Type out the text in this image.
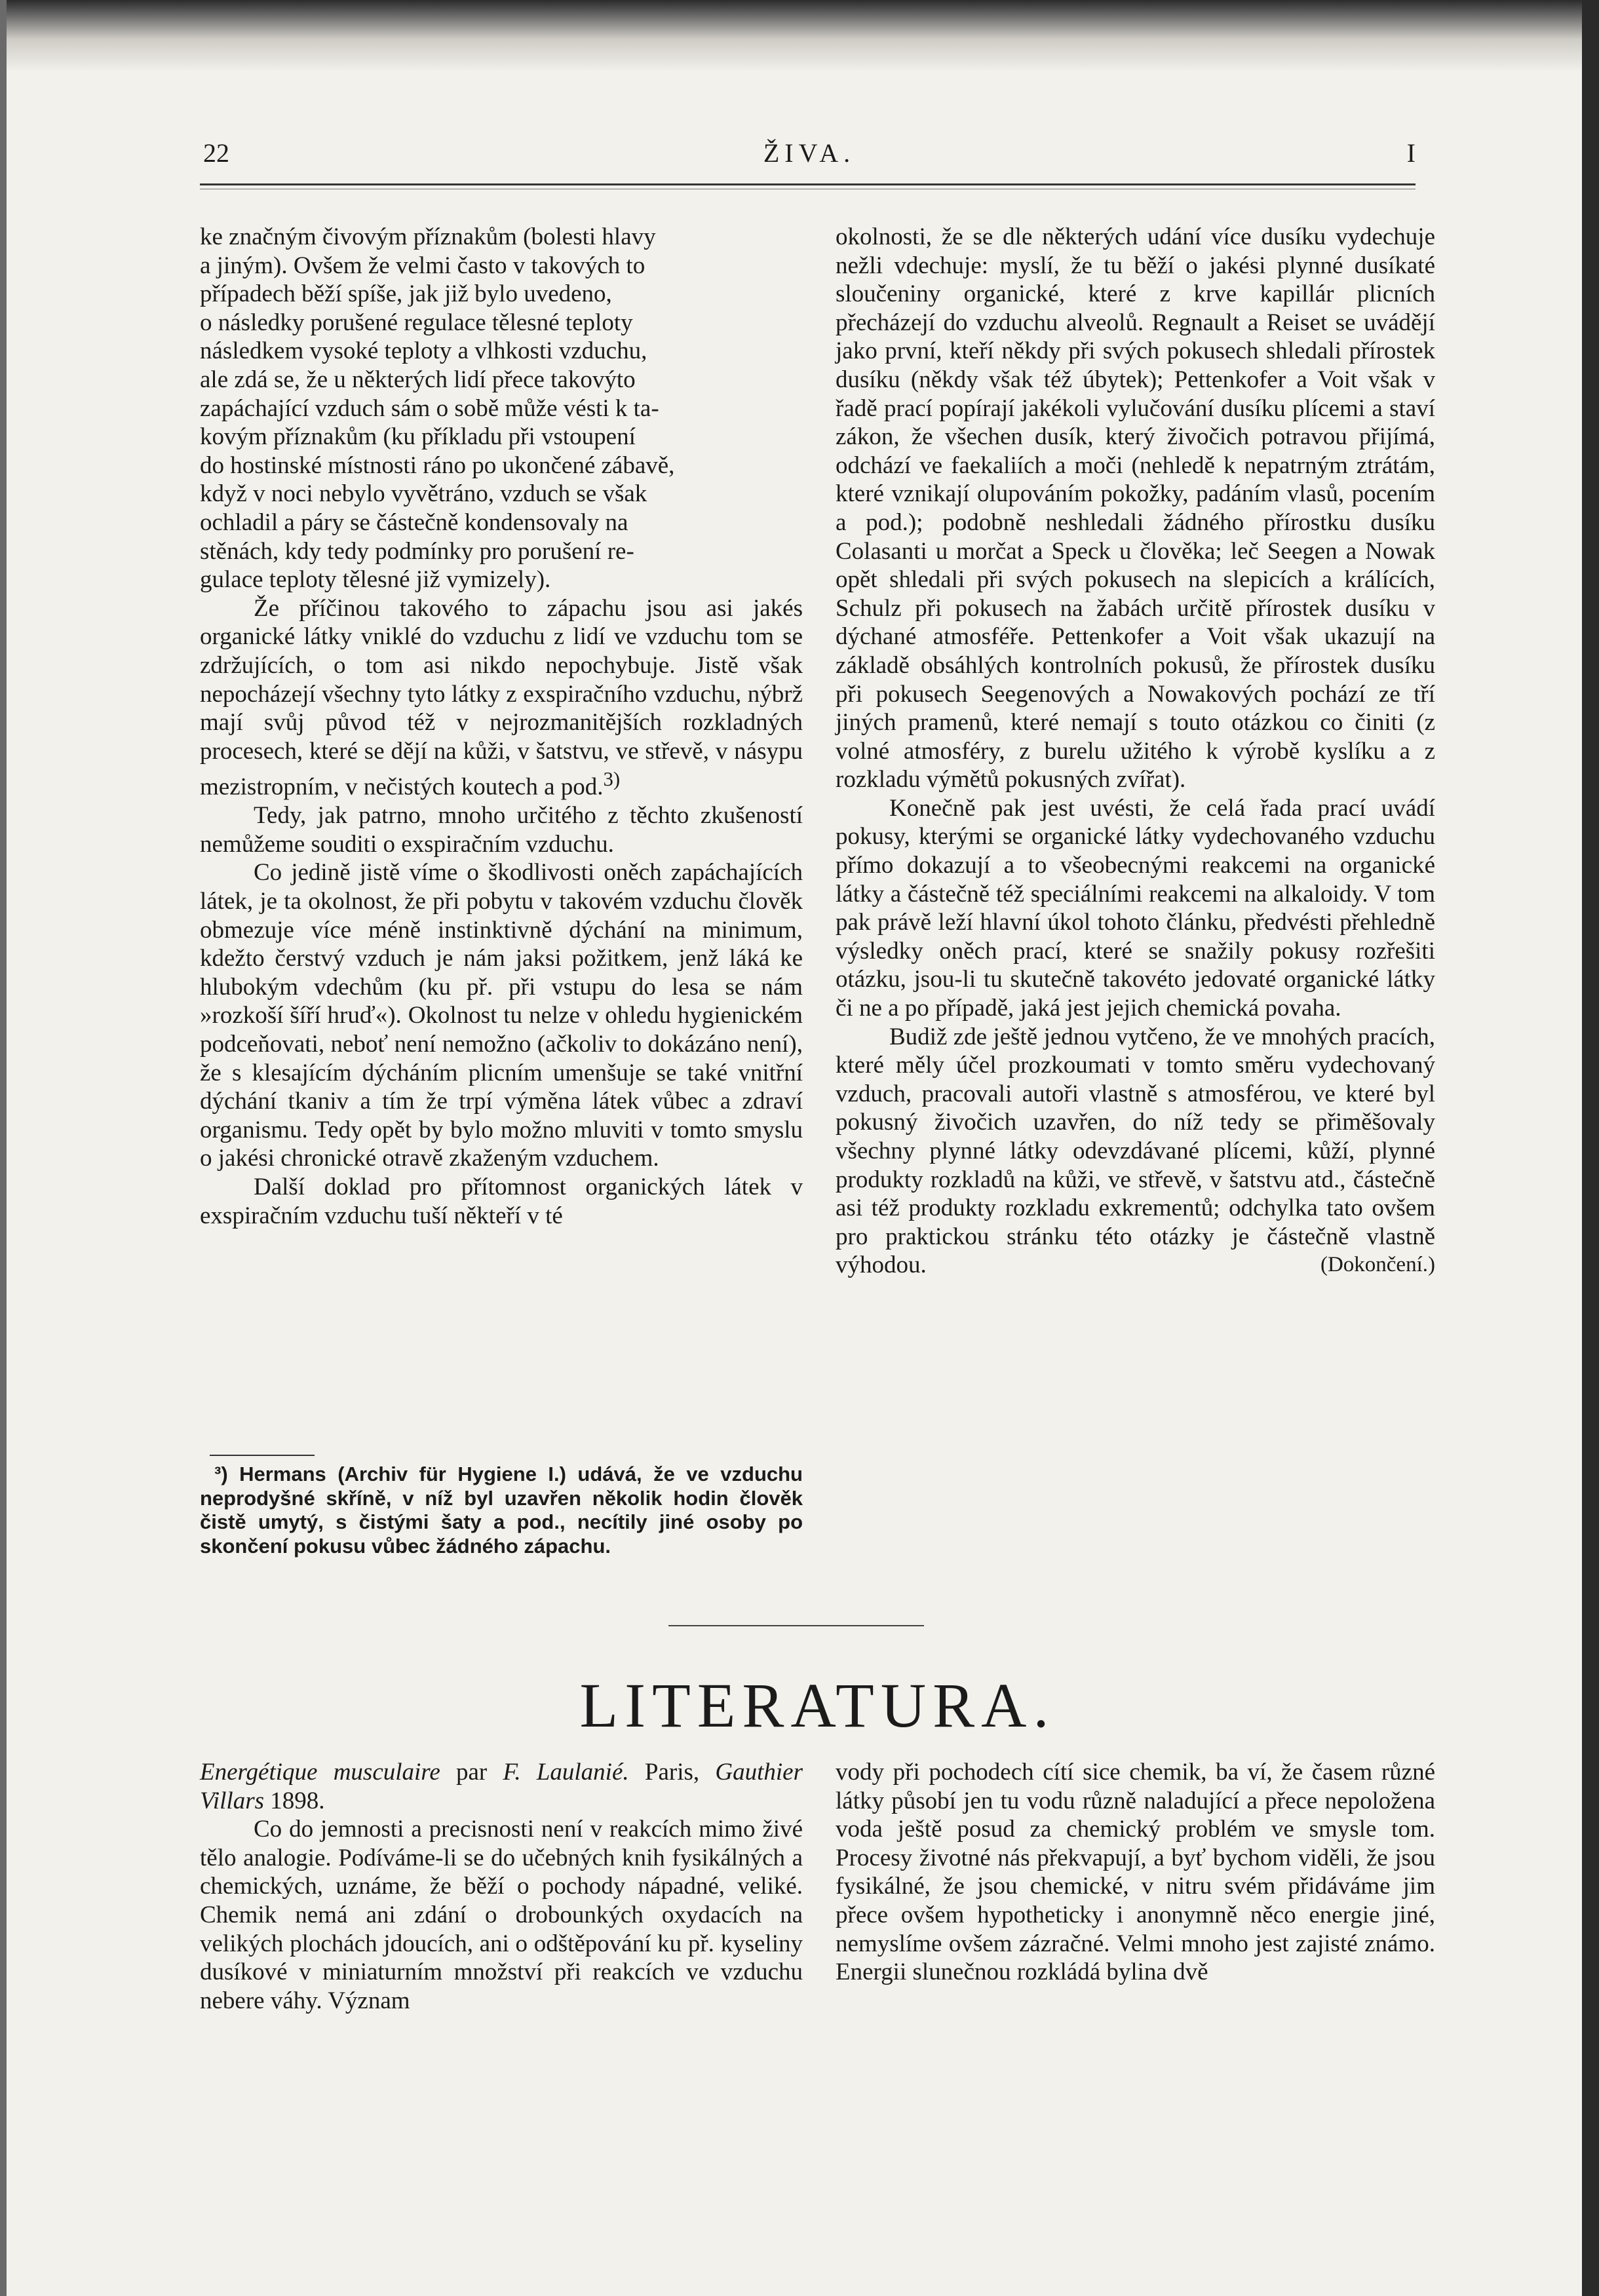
22	ŽIVA.	I
ke značným čivovým příznakům (bolesti hlavy
a jiným). Ovšem že velmi často v takových to
případech běží spíše, jak již bylo uvedeno,
o následky porušené regulace tělesné teploty
následkem vysoké teploty a vlhkosti vzduchu,
ale zdá se, že u některých lidí přece takovýto
zapáchající vzduch sám o sobě může vésti k ta-
kovým příznakům (ku příkladu při vstoupení
do hostinské místnosti ráno po ukončené zábavě,
když v noci nebylo vyvětráno, vzduch se však
ochladil a páry se částečně kondensovaly na
stěnách, kdy tedy podmínky pro porušení re-
gulace teploty tělesné již vymizely).

Že příčinou takového to zápachu jsou asi jakés organické látky vniklé do vzduchu z lidí ve vzduchu tom se zdržujících, o tom asi nikdo nepochybuje. Jistě však nepocházejí všechny tyto látky z exspiračního vzduchu, nýbrž mají svůj původ též v nejrozmanitějších rozkladných procesech, které se dějí na kůži, v šatstvu, ve střevě, v násypu mezistropním, v nečistých koutech a pod.$^{3)}$

Tedy, jak patrno, mnoho určitého z těchto zkušeností nemůžeme souditi o exspiračním vzduchu.

Co jedině jistě víme o škodlivosti oněch zapáchajících látek, je ta okolnost, že při pobytu v takovém vzduchu člověk obmezuje více méně instinktivně dýchání na minimum, kdežto čerstvý vzduch je nám jaksi požitkem, jenž láká ke hlubokým vdechům (ku př. při vstupu do lesa se nám »rozkoší šíří hruď«). Okolnost tu nelze v ohledu hygienickém podceňovati, neboť není nemožno (ačkoliv to dokázáno není), že s klesajícím dýcháním plicním umenšuje se také vnitřní dýchání tkaniv a tím že trpí výměna látek vůbec a zdraví organismu. Tedy opět by bylo možno mluviti v tomto smyslu o jakési chronické otravě zkaženým vzduchem.

Další doklad pro přítomnost organických látek v exspiračním vzduchu tuší někteří v té

³) Hermans (Archiv für Hygiene I.) udává, že ve vzduchu neprodyšné skříně, v níž byl uzavřen několik hodin člověk čistě umytý, s čistými šaty a pod., necítily jiné osoby po skončení pokusu vůbec žádného zápachu.

okolnosti, že se dle některých udání více dusíku vydechuje nežli vdechuje: myslí, že tu běží o jakési plynné dusíkaté sloučeniny organické, které z krve kapillár plicních přecházejí do vzduchu alveolů. Regnault a Reiset se uvádějí jako první, kteří někdy při svých pokusech shledali přírostek dusíku (někdy však též úbytek); Pettenkofer a Voit však v řadě prací popírají jakékoli vylučování dusíku plícemi a staví zákon, že všechen dusík, který živočich potravou přijímá, odchází ve faekaliích a moči (nehledě k nepatrným ztrátám, které vznikají olupováním pokožky, padáním vlasů, pocením a pod.); podobně neshledali žádného přírostku dusíku Colasanti u morčat a Speck u člověka; leč Seegen a Nowak opět shledali při svých pokusech na slepicích a králících, Schulz při pokusech na žabách určitě přírostek dusíku v dýchané atmosféře. Pettenkofer a Voit však ukazují na základě obsáhlých kontrolních pokusů, že přírostek dusíku při pokusech Seegenových a Nowakových pochází ze tří jiných pramenů, které nemají s touto otázkou co činiti (z volné atmosféry, z burelu užitého k výrobě kyslíku a z rozkladu výmětů pokusných zvířat).

Konečně pak jest uvésti, že celá řada prací uvádí pokusy, kterými se organické látky vydechovaného vzduchu přímo dokazují a to všeobecnými reakcemi na organické látky a částečně též speciálními reakcemi na alkaloidy. V tom pak právě leží hlavní úkol tohoto článku, předvésti přehledně výsledky oněch prací, které se snažily pokusy rozřešiti otázku, jsou-li tu skutečně takovéto jedovaté organické látky či ne a po případě, jaká jest jejich chemická povaha.

Budiž zde ještě jednou vytčeno, že ve mnohých pracích, které měly účel prozkoumati v tomto směru vydechovaný vzduch, pracovali autoři vlastně s atmosférou, ve které byl pokusný živočich uzavřen, do níž tedy se přiměšovaly všechny plynné látky odevzdávané plícemi, kůží, plynné produkty rozkladů na kůži, ve střevě, v šatstvu atd., částečně asi též produkty rozkladu exkrementů; odchylka tato ovšem pro praktickou stránku této otázky je částečně vlastně výhodou.	(Dokončení.)

LITERATURA.

Energétique musculaire par F. Laulanié. Paris, Gauthier Villars 1898.

Co do jemnosti a precisnosti není v reakcích mimo živé tělo analogie. Podíváme-li se do učebných knih fysikálných a chemických, uznáme, že běží o pochody nápadné, veliké. Chemik nemá ani zdání o drobounkých oxydacích na velikých plochách jdoucích, ani o odštěpování ku př. kyseliny dusíkové v miniaturním množství při reakcích ve vzduchu nebere váhy. Význam

vody při pochodech cítí sice chemik, ba ví, že časem různé látky působí jen tu vodu různě naladující a přece nepoložena voda ještě posud za chemický problém ve smysle tom. Procesy životné nás překvapují, a byť bychom viděli, že jsou fysikálné, že jsou chemické, v nitru svém přidáváme jim přece ovšem hypotheticky i anonymně něco energie jiné, nemyslíme ovšem zázračné. Velmi mnoho jest zajisté známo. Energii slunečnou rozkládá bylina dvě
